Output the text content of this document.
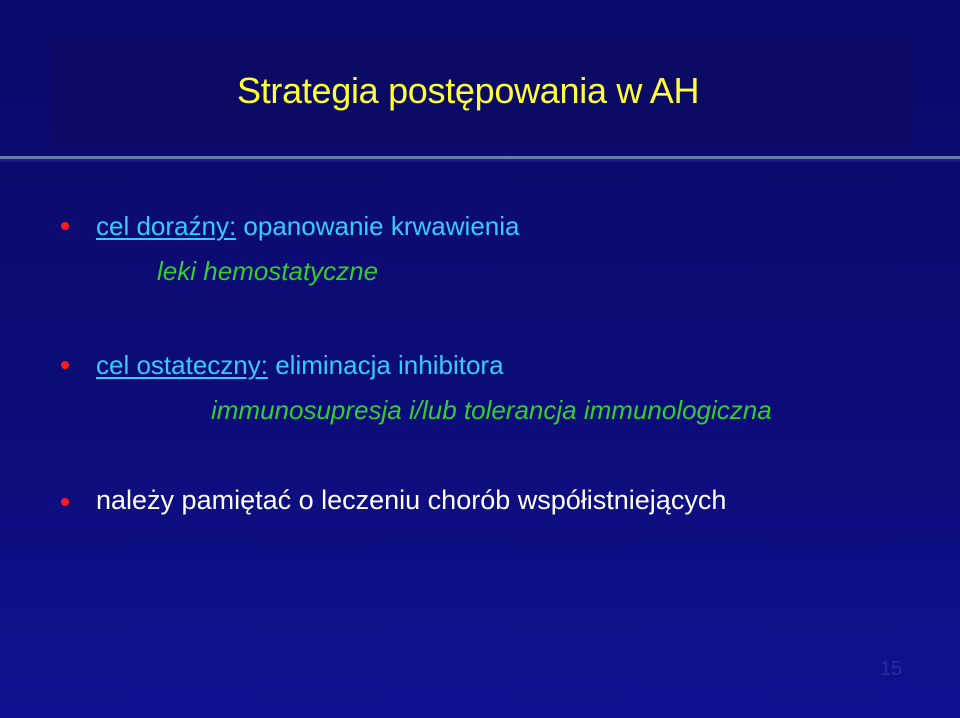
Strategia postępowania w AH
cel doraźny: opanowanie krwawienia
leki hemostatyczne
cel ostateczny: eliminacja inhibitora
immunosupresja i/lub tolerancja immunologiczna
należy pamiętać o leczeniu chorób współistniejących
15
